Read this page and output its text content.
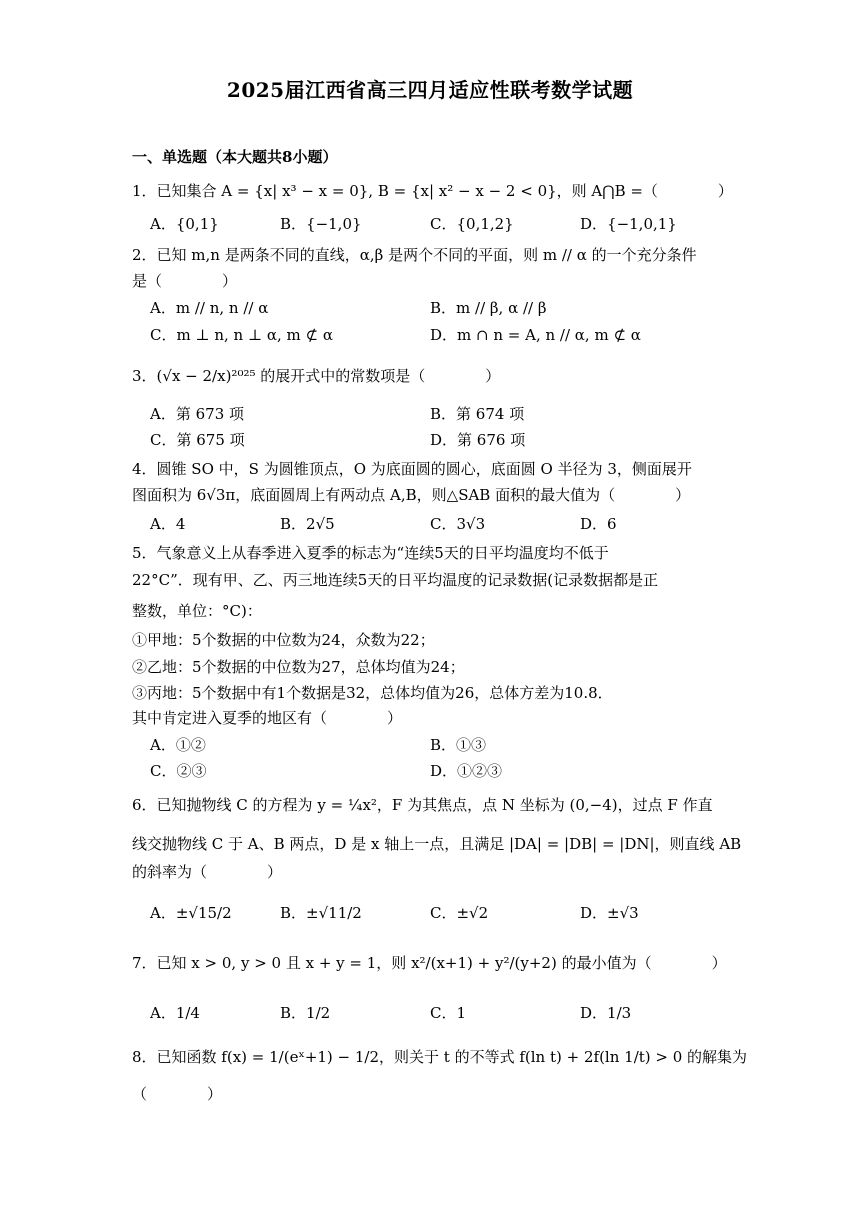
2025届江西省高三四月适应性联考数学试题
一、单选题（本大题共8小题）
1．已知集合 A = {x| x³ − x = 0}, B = {x| x² − x − 2 < 0}，则 A⋂B =（　　　　）
A．{0,1}	B．{−1,0}	C．{0,1,2}	D．{−1,0,1}
2．已知 m,n 是两条不同的直线，α,β 是两个不同的平面，则 m // α 的一个充分条件
是（　　　　）
A．m // n, n // α	B．m // β, α // β
C．m ⊥ n, n ⊥ α, m ⊄ α	D．m ∩ n = A, n // α, m ⊄ α
3．(√x − 2/x)²⁰²⁵ 的展开式中的常数项是（　　　　）
A．第 673 项	B．第 674 项
C．第 675 项	D．第 676 项
4．圆锥 SO 中，S 为圆锥顶点，O 为底面圆的圆心，底面圆 O 半径为 3，侧面展开
图面积为 6√3π，底面圆周上有两动点 A,B，则△SAB 面积的最大值为（　　　　）
A．4	B．2√5	C．3√3	D．6
5．气象意义上从春季进入夏季的标志为“连续5天的日平均温度均不低于
22°C”．现有甲、乙、丙三地连续5天的日平均温度的记录数据(记录数据都是正
整数，单位：°C)：
①甲地：5个数据的中位数为24，众数为22；
②乙地：5个数据的中位数为27，总体均值为24；
③丙地：5个数据中有1个数据是32，总体均值为26，总体方差为10.8．
其中肯定进入夏季的地区有（　　　　）
A．①②	B．①③
C．②③	D．①②③
6．已知抛物线 C 的方程为 y = ¼x²，F 为其焦点，点 N 坐标为 (0,−4)，过点 F 作直
线交抛物线 C 于 A、B 两点，D 是 x 轴上一点，且满足 |DA| = |DB| = |DN|，则直线 AB
的斜率为（　　　　）
A．±√15/2	B．±√11/2	C．±√2	D．±√3
7．已知 x > 0, y > 0 且 x + y = 1，则 x²/(x+1) + y²/(y+2) 的最小值为（　　　　）
A．1/4	B．1/2	C．1	D．1/3
8．已知函数 f(x) = 1/(eˣ+1) − 1/2，则关于 t 的不等式 f(ln t) + 2f(ln 1/t) > 0 的解集为
（　　　　）
